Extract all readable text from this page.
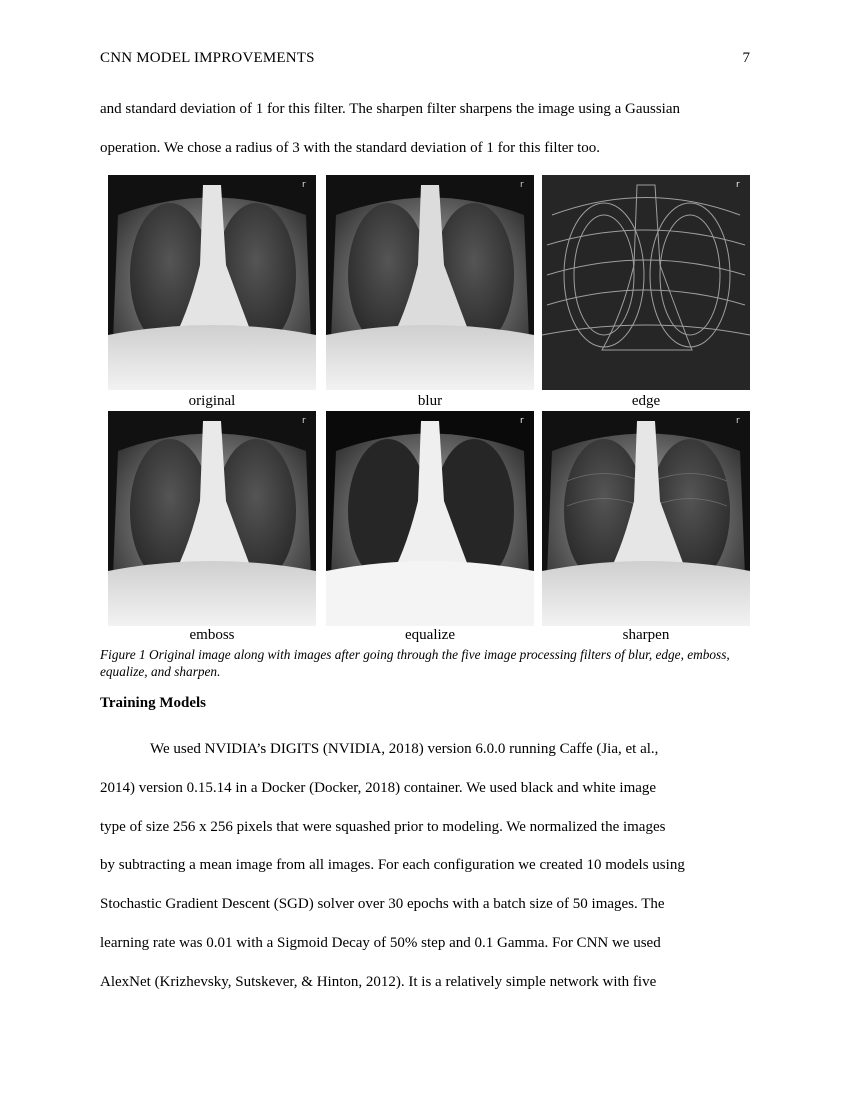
CNN MODEL IMPROVEMENTS	7

and standard deviation of 1 for this filter. The sharpen filter sharpens the image using a Gaussian

operation. We chose a radius of 3 with the standard deviation of 1 for this filter too.

r	r	r
original	blur	edge
r	r	r
emboss	equalize	sharpen
Figure 1 Original image along with images after going through the five image processing filters of blur, edge, emboss, equalize, and sharpen.
Training Models

We used NVIDIA’s DIGITS (NVIDIA, 2018) version 6.0.0 running Caffe (Jia, et al.,

2014) version 0.15.14 in a Docker (Docker, 2018) container. We used black and white image

type of size 256 x 256 pixels that were squashed prior to modeling. We normalized the images

by subtracting a mean image from all images. For each configuration we created 10 models using

Stochastic Gradient Descent (SGD) solver over 30 epochs with a batch size of 50 images. The

learning rate was 0.01 with a Sigmoid Decay of 50% step and 0.1 Gamma. For CNN we used

AlexNet (Krizhevsky, Sutskever, & Hinton, 2012). It is a relatively simple network with five
